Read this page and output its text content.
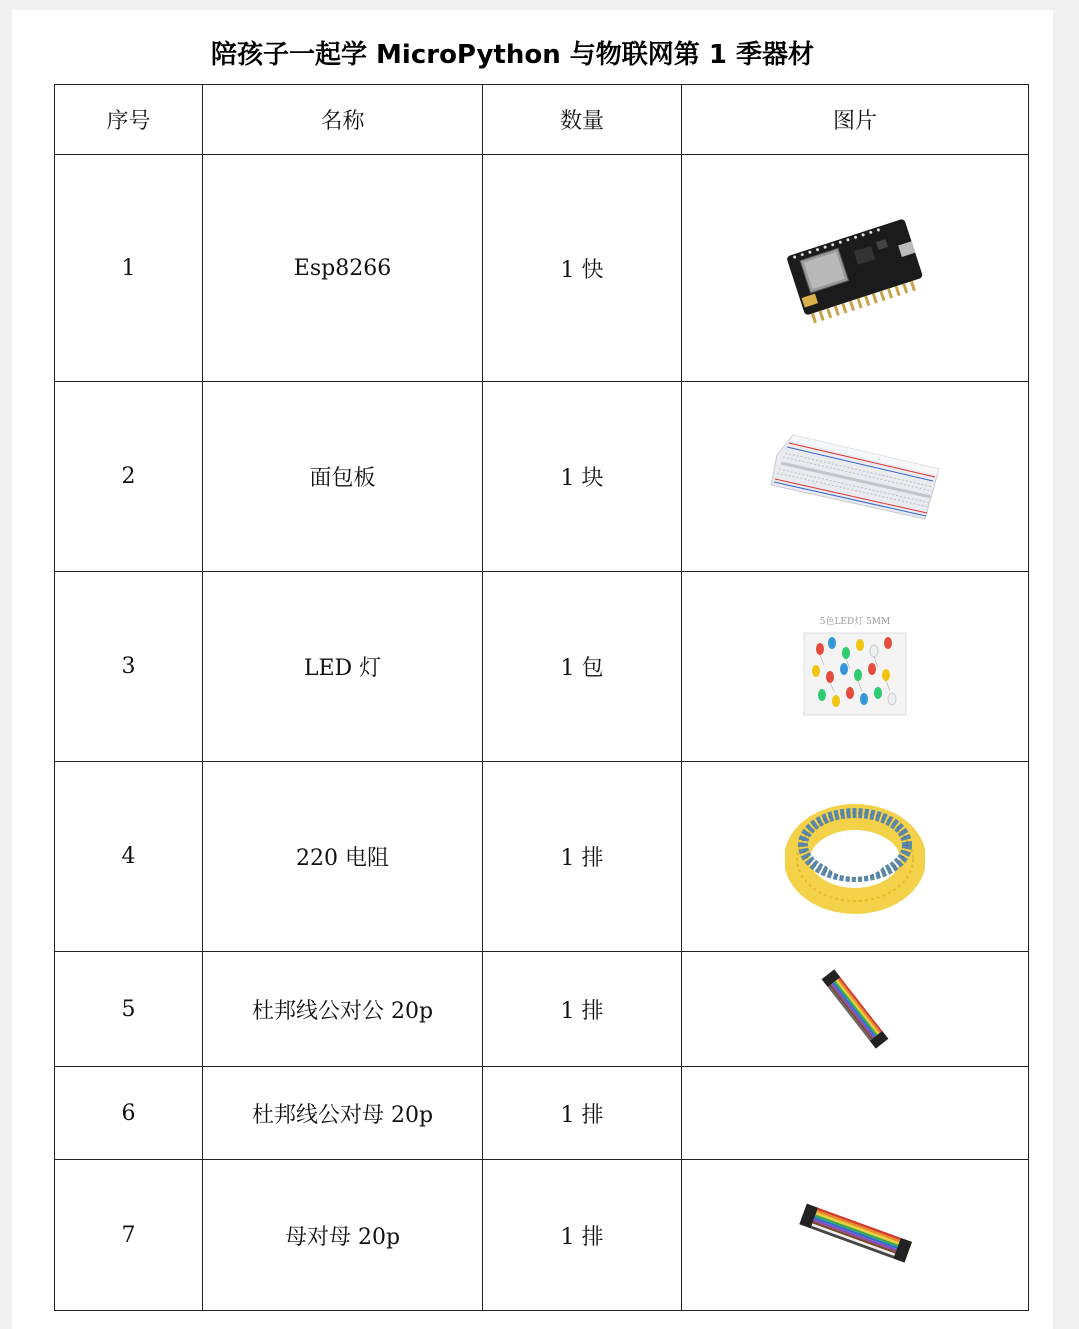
陪孩子一起学 MicroPython 与物联网第 1 季器材
序号	名称	数量	图片
1	Esp8266	1 快	

2	面包板	1 块	

3	LED 灯	1 包	5色LED灯 5MM

4	220 电阻	1 排	

5	杜邦线公对公 20p	1 排	

6	杜邦线公对母 20p	1 排	
7	母对母 20p	1 排	
